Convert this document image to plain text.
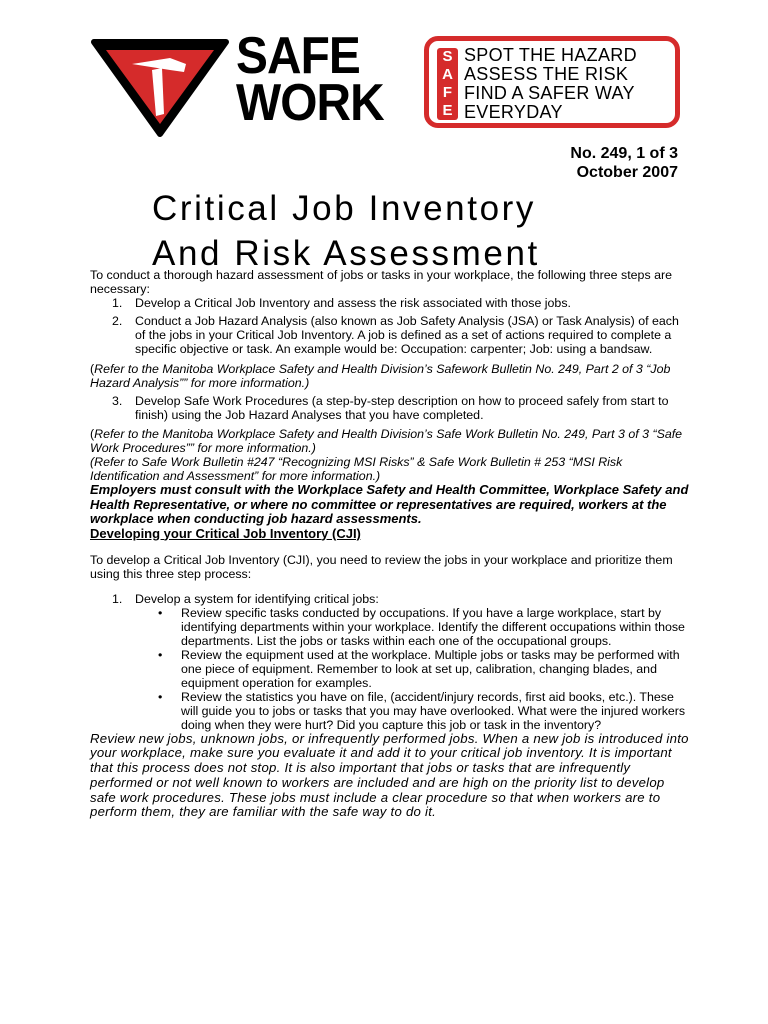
SAFE
WORK
S
A
F
E
SPOT THE HAZARD
ASSESS THE RISK
FIND A SAFER WAY
EVERYDAY
No. 249, 1 of 3
October 2007
Critical Job Inventory
And Risk Assessment

To conduct a thorough hazard assessment of jobs or tasks in your workplace, the following three steps are necessary:

1.	Develop a Critical Job Inventory and assess the risk associated with those jobs.
2.	Conduct a Job Hazard Analysis (also known as Job Safety Analysis (JSA) or Task Analysis) of each of the jobs in your Critical Job Inventory. A job is defined as a set of actions required to complete a specific objective or task. An example would be: Occupation: carpenter; Job: using a bandsaw.

(Refer to the Manitoba Workplace Safety and Health Division’s Safework Bulletin No. 249, Part 2 of 3 “Job Hazard Analysis”” for more information.)

3.	Develop Safe Work Procedures (a step-by-step description on how to proceed safely from start to finish) using the Job Hazard Analyses that you have completed.

(Refer to the Manitoba Workplace Safety and Health Division’s Safe Work Bulletin No. 249, Part 3 of 3 “Safe Work Procedures”” for more information.)

(Refer to Safe Work Bulletin #247 “Recognizing MSI Risks” & Safe Work Bulletin # 253 “MSI Risk Identification and Assessment” for more information.)

Employers must consult with the Workplace Safety and Health Committee, Workplace Safety and Health Representative, or where no committee or representatives are required, workers at the workplace when conducting job hazard assessments.

Developing your Critical Job Inventory (CJI)

To develop a Critical Job Inventory (CJI), you need to review the jobs in your workplace and prioritize them using this three step process:

1.	Develop a system for identifying critical jobs:
•	Review specific tasks conducted by occupations. If you have a large workplace, start by identifying departments within your workplace. Identify the different occupations within those departments. List the jobs or tasks within each one of the occupational groups.
•	Review the equipment used at the workplace. Multiple jobs or tasks may be performed with one piece of equipment. Remember to look at set up, calibration, changing blades, and equipment operation for examples.
•	Review the statistics you have on file, (accident/injury records, first aid books, etc.). These will guide you to jobs or tasks that you may have overlooked. What were the injured workers doing when they were hurt? Did you capture this job or task in the inventory?

Review new jobs, unknown jobs, or infrequently performed jobs. When a new job is introduced into your workplace, make sure you evaluate it and add it to your critical job inventory. It is important that this process does not stop. It is also important that jobs or tasks that are infrequently performed or not well known to workers are included and are high on the priority list to develop safe work procedures. These jobs must include a clear procedure so that when workers are to perform them, they are familiar with the safe way to do it.
